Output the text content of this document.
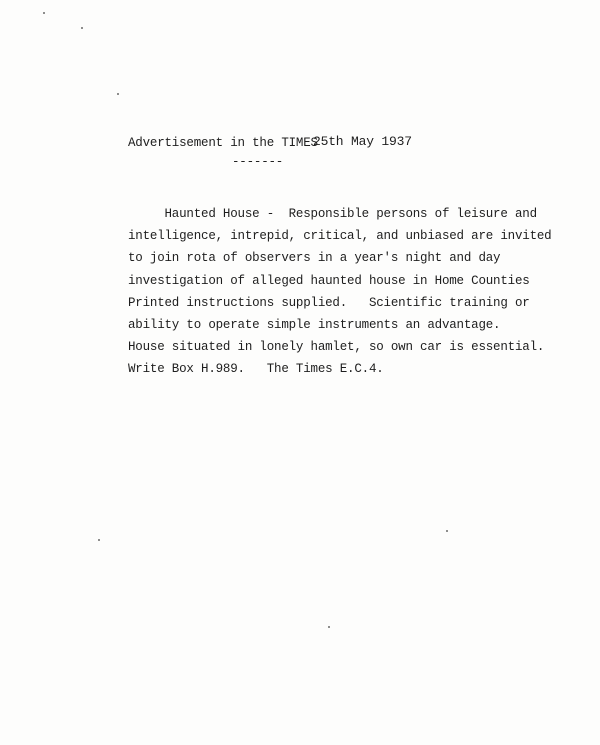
Advertisement in the TIMES
25th May 1937
-------
Haunted House -  Responsible persons of leisure and
intelligence, intrepid, critical, and unbiased are invited
to join rota of observers in a year's night and day
investigation of alleged haunted house in Home Counties
Printed instructions supplied.   Scientific training or
ability to operate simple instruments an advantage.
House situated in lonely hamlet, so own car is essential.
Write Box H.989.   The Times E.C.4.
